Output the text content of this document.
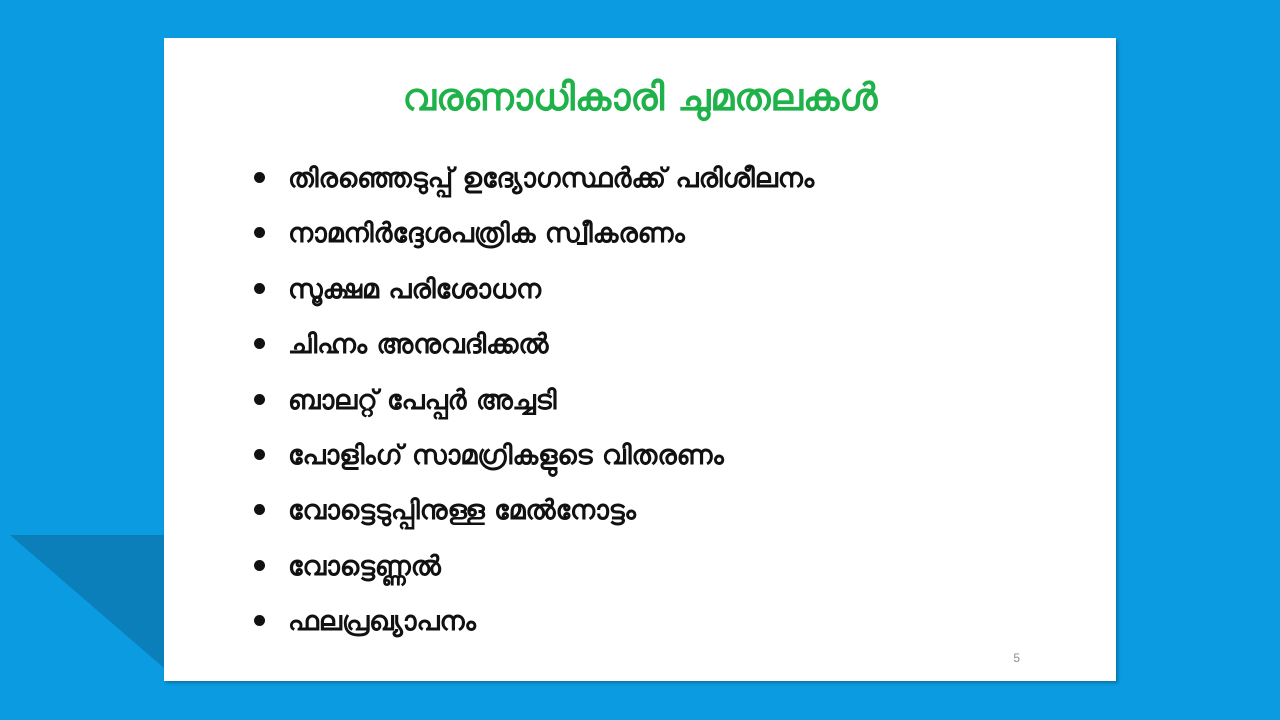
വരണാധികാരി ചുമതലകൾ
തിരഞ്ഞെടുപ്പ് ഉദ്യോഗസ്ഥർക്ക് പരിശീലനം
നാമനിർദ്ദേശപത്രിക സ്വീകരണം
സൂക്ഷമ പരിശോധന
ചിഹ്നം അനുവദിക്കൽ
ബാലറ്റ് പേപ്പർ അച്ചടി
പോളിംഗ് സാമഗ്രികളുടെ വിതരണം
വോട്ടെടുപ്പിനുള്ള മേൽനോട്ടം
വോട്ടെണ്ണൽ
ഫലപ്രഖ്യാപനം
5
